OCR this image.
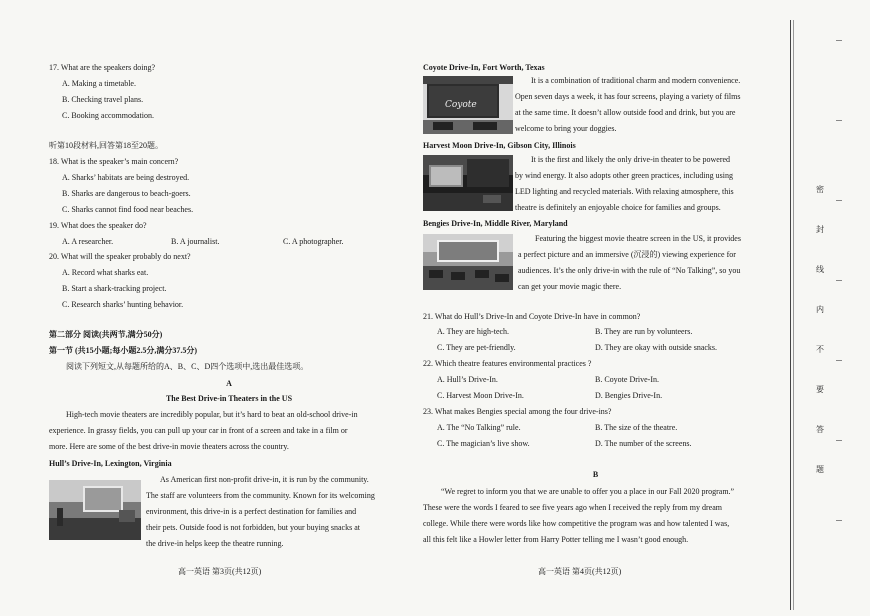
17. What are the speakers doing?
A. Making a timetable.
B. Checking travel plans.
C. Booking accommodation.
听第10段材料,回答第18至20题。
18. What is the speaker’s main concern?
A. Sharks’ habitats are being destroyed.
B. Sharks are dangerous to beach-goers.
C. Sharks cannot find food near beaches.
19. What does the speaker do?
A. A researcher.	B. A journalist.	C. A photographer.
20. What will the speaker probably do next?
A. Record what sharks eat.
B. Start a shark-tracking project.
C. Research sharks’ hunting behavior.
第二部分 阅读(共两节,满分50分)
第一节 (共15小题;每小题2.5分,满分37.5分)
阅读下列短文,从每题所给的A、B、C、D四个选项中,选出最佳选项。
A
The Best Drive-in Theaters in the US
High-tech movie theaters are incredibly popular, but it’s hard to beat an old-school drive-in
experience. In grassy fields, you can pull up your car in front of a screen and take in a film or
more. Here are some of the best drive-in movie theaters across the country.
Hull’s Drive-In, Lexington, Virginia
As American first non-profit drive-in, it is run by the community.
The staff are volunteers from the community. Known for its welcoming
environment, this drive-in is a perfect destination for families and
their pets. Outside food is not forbidden, but your buying snacks at
the drive-in helps keep the theatre running.
高一英语 第3页(共12页)
Coyote Drive-In, Fort Worth, Texas
Coyote
It is a combination of traditional charm and modern convenience.
Open seven days a week, it has four screens, playing a variety of films
at the same time. It doesn’t allow outside food and drink, but you are
welcome to bring your doggies.
Harvest Moon Drive-In, Gibson City, Illinois
It is the first and likely the only drive-in theater to be powered
by wind energy. It also adopts other green practices, including using
LED lighting and recycled materials. With relaxing atmosphere, this
theatre is definitely an enjoyable choice for families and groups.
Bengies Drive-In, Middle River, Maryland
Featuring the biggest movie theatre screen in the US, it provides
a perfect picture and an immersive (沉浸的) viewing experience for
audiences. It’s the only drive-in with the rule of “No Talking”, so you
can get your movie magic there.
21. What do Hull’s Drive-In and Coyote Drive-In have in common?
A. They are high-tech.	B. They are run by volunteers.
C. They are pet-friendly.	D. They are okay with outside snacks.
22. Which theatre features environmental practices ?
A. Hull’s Drive-In.	B. Coyote Drive-In.
C. Harvest Moon Drive-In.	D. Bengies Drive-In.
23. What makes Bengies special among the four drive-ins?
A. The “No Talking” rule.	B. The size of the theatre.
C. The magician’s live show.	D. The number of the screens.
B
“We regret to inform you that we are unable to offer you a place in our Fall 2020 program.”
These were the words I feared to see five years ago when I received the reply from my dream
college. While there were words like how competitive the program was and how talented I was,
all this felt like a Howler letter from Harry Potter telling me I wasn’t good enough.
高一英语 第4页(共12页)
密
封
线
内
不
要
答
题
